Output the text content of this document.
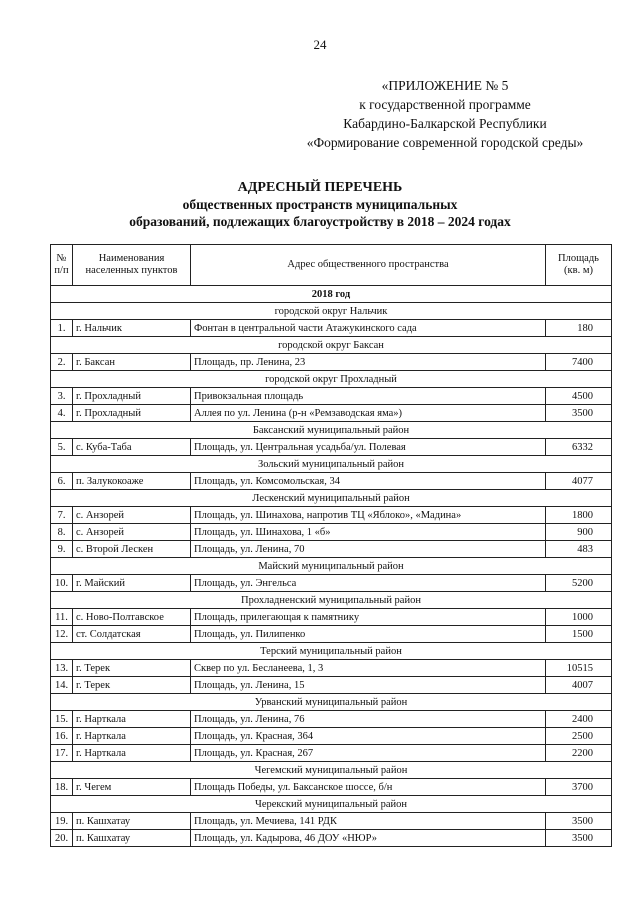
24
«ПРИЛОЖЕНИЕ № 5
к государственной программе
Кабардино-Балкарской Республики
«Формирование современной городской среды»
АДРЕСНЫЙ ПЕРЕЧЕНЬ
общественных пространств муниципальных
образований, подлежащих благоустройству в 2018 – 2024 годах
№
п/п	Наименования населенных пунктов	Адрес общественного пространства	Площадь
(кв. м)
2018 год			
городской округ Нальчик			
1.	г. Нальчик	Фонтан в центральной части Атажукинского сада	180
городской округ Баксан			
2.	г. Баксан	Площадь, пр. Ленина, 23	7400
городской округ Прохладный			
3.	г. Прохладный	Привокзальная площадь	4500
4.	г. Прохладный	Аллея по ул. Ленина (р-н «Ремзаводская яма»)	3500
Баксанский муниципальный район			
5.	с. Куба-Таба	Площадь, ул. Центральная усадьба/ул. Полевая	6332
Зольский муниципальный район			
6.	п. Залукокоаже	Площадь, ул. Комсомольская, 34	4077
Лескенский муниципальный район			
7.	с. Анзорей	Площадь, ул. Шинахова, напротив ТЦ «Яблоко», «Мадина»	1800
8.	с. Анзорей	Площадь, ул. Шинахова, 1 «б»	900
9.	с. Второй Лескен	Площадь, ул. Ленина, 70	483
Майский муниципальный район			
10.	г. Майский	Площадь, ул. Энгельса	5200
Прохладненский муниципальный район			
11.	с. Ново-Полтавское	Площадь, прилегающая к памятнику	1000
12.	ст. Солдатская	Площадь, ул. Пилипенко	1500
Терский муниципальный район			
13.	г. Терек	Сквер по ул. Бесланеева, 1, 3	10515
14.	г. Терек	Площадь, ул. Ленина, 15	4007
Урванский муниципальный район			
15.	г. Нарткала	Площадь, ул. Ленина, 76	2400
16.	г. Нарткала	Площадь, ул. Красная, 364	2500
17.	г. Нарткала	Площадь, ул. Красная, 267	2200
Чегемский муниципальный район			
18.	г. Чегем	Площадь Победы, ул. Баксанское шоссе, б/н	3700
Черекский муниципальный район			
19.	п. Кашхатау	Площадь, ул. Мечиева, 141 РДК	3500
20.	п. Кашхатау	Площадь, ул. Кадырова, 46 ДОУ «НЮР»	3500
